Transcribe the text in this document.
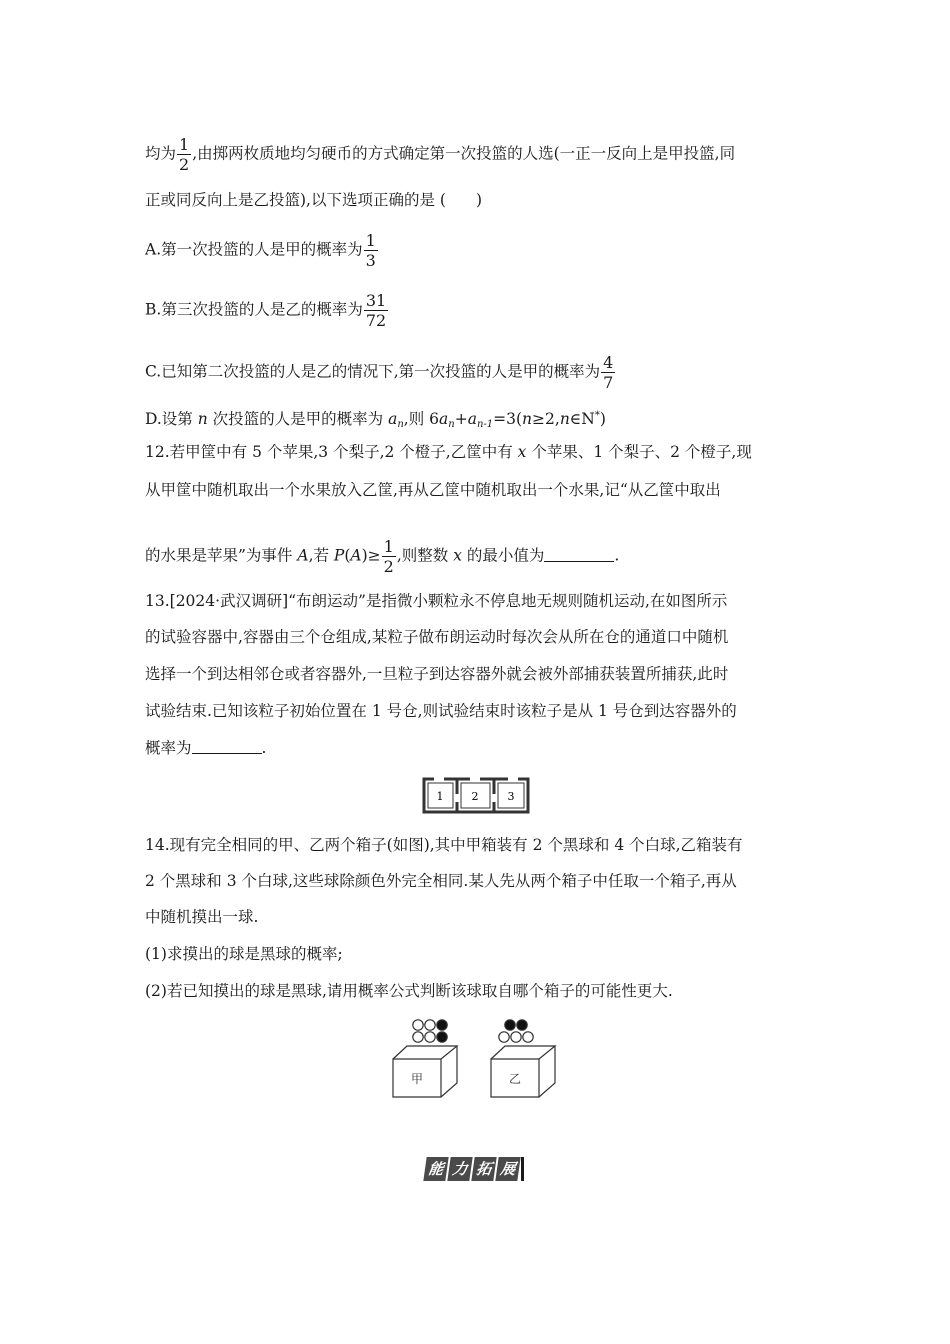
均为 $\frac{1}{2}$ ,由掷两枚质地均匀硬币的方式确定第一次投篮的人选(一正一反向上是甲投篮,同
正或同反向上是乙投篮),以下选项正确的是 ( )
A.第一次投篮的人是甲的概率为 $\frac{1}{3}$
B.第三次投篮的人是乙的概率为 $\frac{31}{72}$
C.已知第二次投篮的人是乙的情况下,第一次投篮的人是甲的概率为 $\frac{4}{7}$
D.设第 n 次投篮的人是甲的概率为 $a_n$,则 $6a_n+a_{n-1}=3(n\ge 2,n\in N^*)$
12.若甲筐中有 5 个苹果,3 个梨子,2 个橙子,乙筐中有 x 个苹果、1 个梨子、2 个橙子,现
从甲筐中随机取出一个水果放入乙筐,再从乙筐中随机取出一个水果,记“从乙筐中取出
的水果是苹果”为事件 A,若 $P(A)\ge \frac{1}{2}$ ,则整数 x 的最小值为	.
13.[2024·武汉调研]“布朗运动”是指微小颗粒永不停息地无规则随机运动,在如图所示
的试验容器中,容器由三个仓组成,某粒子做布朗运动时每次会从所在仓的通道口中随机
选择一个到达相邻仓或者容器外,一旦粒子到达容器外就会被外部捕获装置所捕获,此时
试验结束.已知该粒子初始位置在 1 号仓,则试验结束时该粒子是从 1 号仓到达容器外的
概率为	.
1	2	3
14.现有完全相同的甲、乙两个箱子(如图),其中甲箱装有 2 个黑球和 4 个白球,乙箱装有
2 个黑球和 3 个白球,这些球除颜色外完全相同.某人先从两个箱子中任取一个箱子,再从
中随机摸出一球.
(1)求摸出的球是黑球的概率;
(2)若已知摸出的球是黑球,请用概率公式判断该球取自哪个箱子的可能性更大.
甲	乙
能 力 拓 展
